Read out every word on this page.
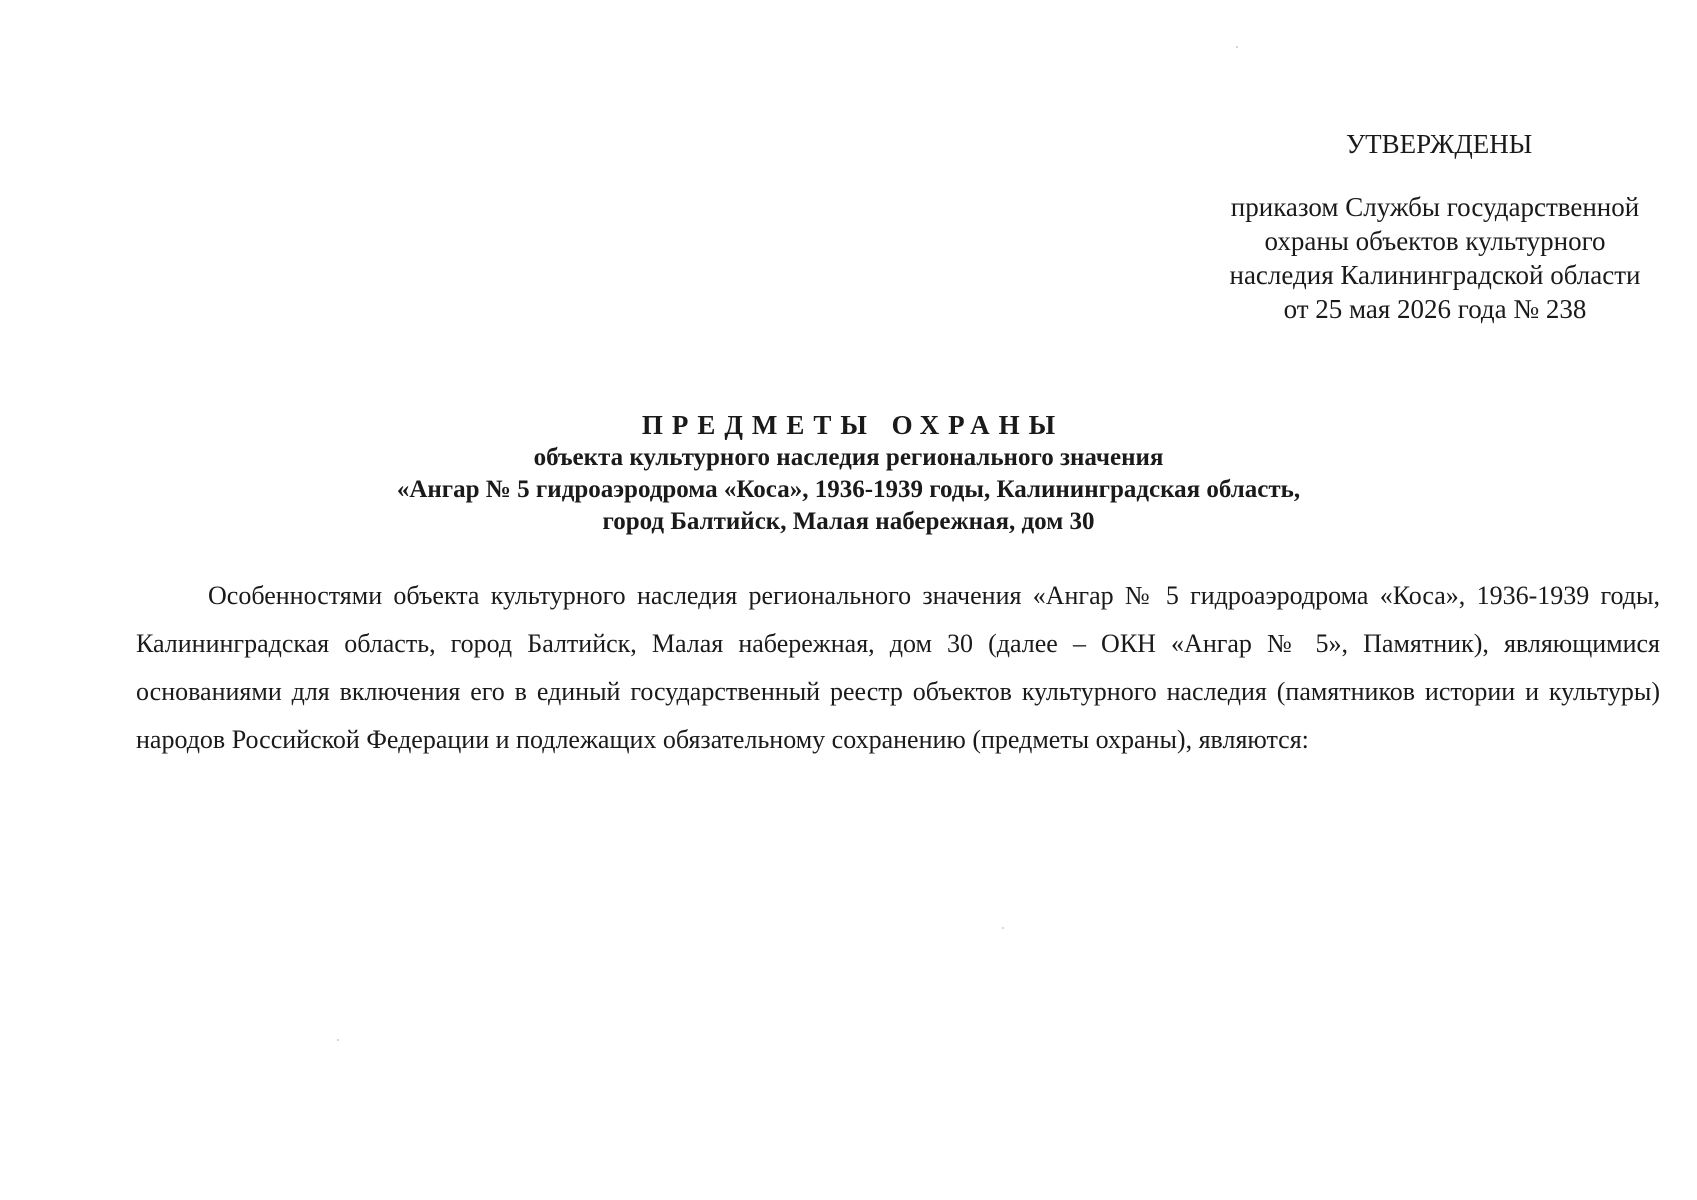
УТВЕРЖДЕНЫ
приказом Службы государственной
охраны объектов культурного
наследия Калининградской области
от 25 мая 2026 года № 238
ПРЕДМЕТЫ ОХРАНЫ
объекта культурного наследия регионального значения
«Ангар № 5 гидроаэродрома «Коса», 1936-1939 годы, Калининградская область,
город Балтийск, Малая набережная, дом 30

Особенностями объекта культурного наследия регионального значения «Ангар № 5 гидроаэродрома «Коса», 1936-1939 годы, Калининградская область, город Балтийск, Малая набережная, дом 30 (далее – ОКН «Ангар № 5», Памятник), являющимися основаниями для включения его в единый государственный реестр объектов культурного наследия (памятников истории и культуры) народов Российской Федерации и подлежащих обязательному сохранению (предметы охраны), являются:
